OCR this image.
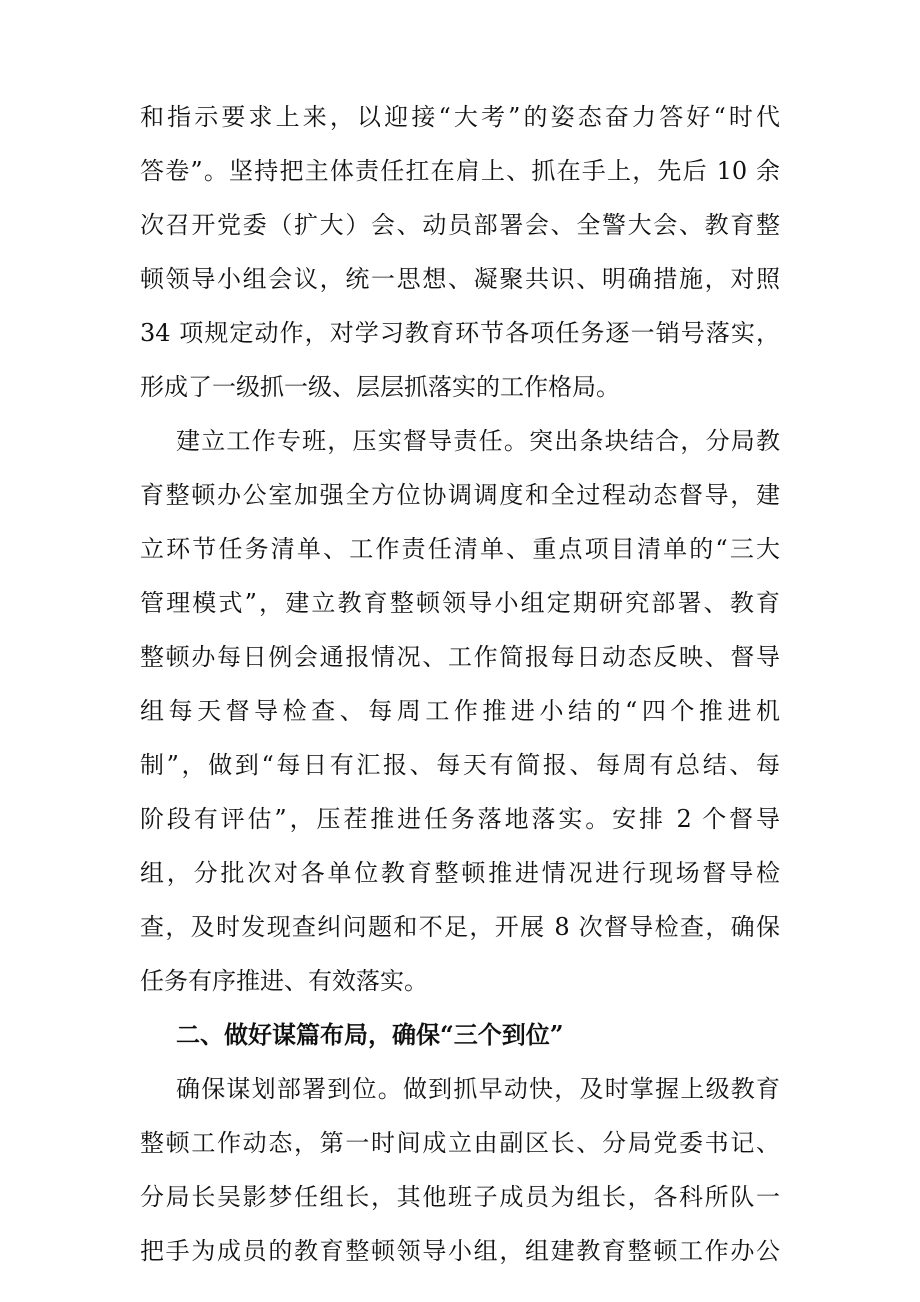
和指示要求上来，以迎接“大考”的姿态奋力答好“时代
答卷”。坚持把主体责任扛在肩上、抓在手上，先后 10 余
次召开党委（扩大）会、动员部署会、全警大会、教育整
顿领导小组会议，统一思想、凝聚共识、明确措施，对照
34 项规定动作，对学习教育环节各项任务逐一销号落实，
形成了一级抓一级、层层抓落实的工作格局。
建立工作专班，压实督导责任。突出条块结合，分局教
育整顿办公室加强全方位协调调度和全过程动态督导，建
立环节任务清单、工作责任清单、重点项目清单的“三大
管理模式”，建立教育整顿领导小组定期研究部署、教育
整顿办每日例会通报情况、工作简报每日动态反映、督导
组每天督导检查、每周工作推进小结的“四个推进机
制”，做到“每日有汇报、每天有简报、每周有总结、每
阶段有评估”，压茬推进任务落地落实。安排 2 个督导
组，分批次对各单位教育整顿推进情况进行现场督导检
查，及时发现查纠问题和不足，开展 8 次督导检查，确保
任务有序推进、有效落实。
二、做好谋篇布局，确保“三个到位”
确保谋划部署到位。做到抓早动快，及时掌握上级教育
整顿工作动态，第一时间成立由副区长、分局党委书记、
分局长吴影梦任组长，其他班子成员为组长，各科所队一
把手为成员的教育整顿领导小组，组建教育整顿工作办公
